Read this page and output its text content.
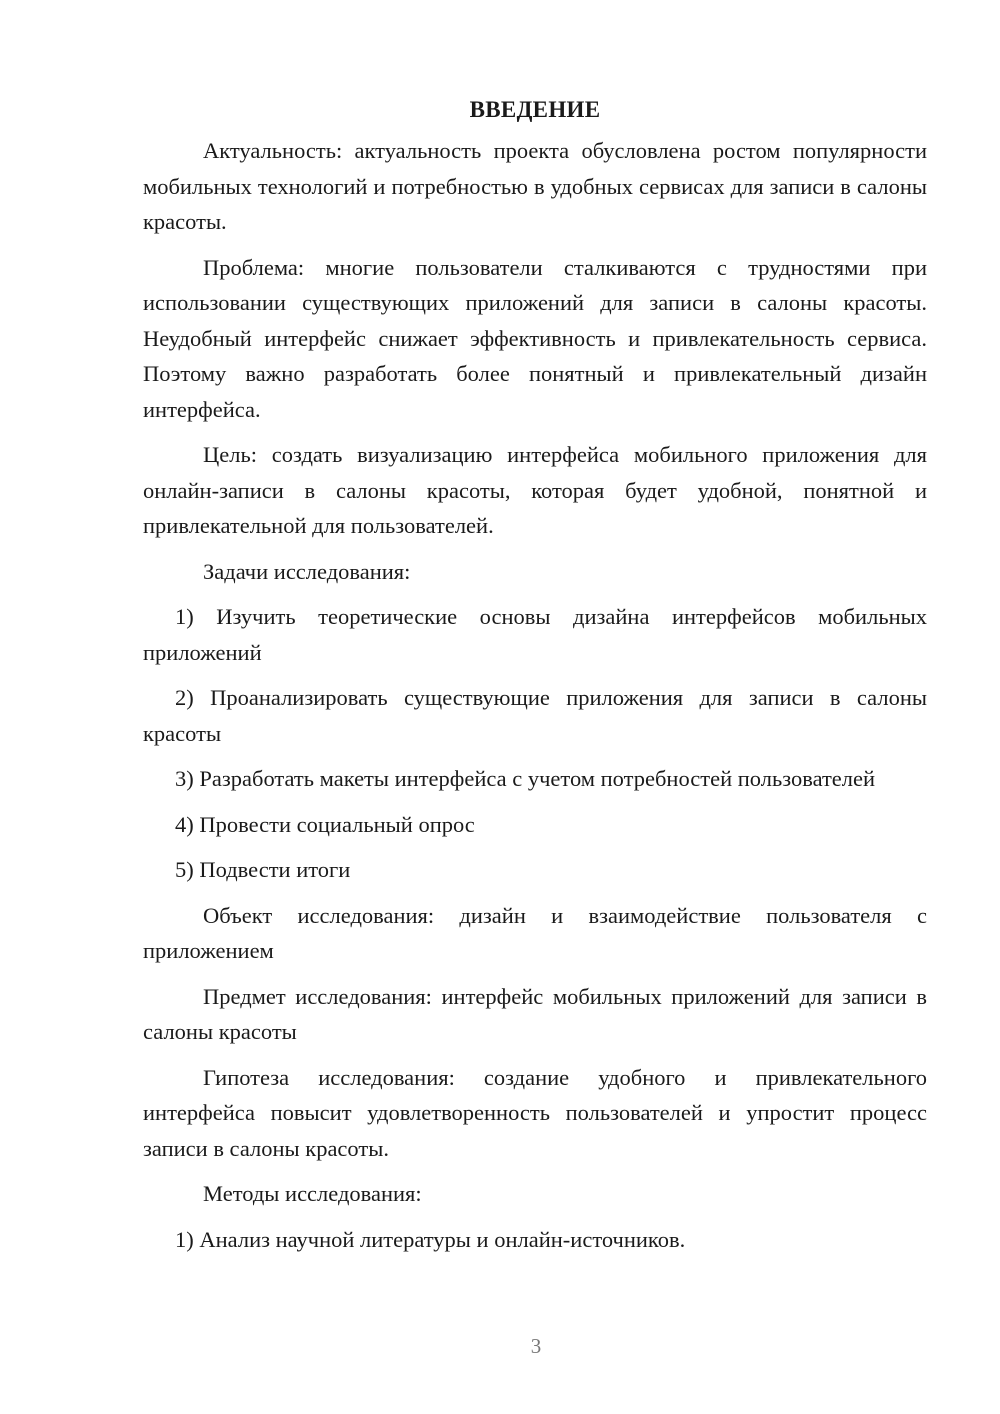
ВВЕДЕНИЕ

Актуальность: актуальность проекта обусловлена ростом популярности мобильных технологий и потребностью в удобных сервисах для записи в салоны красоты.

Проблема: многие пользователи сталкиваются с трудностями при использовании существующих приложений для записи в салоны красоты. Неудобный интерфейс снижает эффективность и привлекательность сервиса. Поэтому важно разработать более понятный и привлекательный дизайн интерфейса.

Цель: создать визуализацию интерфейса мобильного приложения для онлайн-записи в салоны красоты, которая будет удобной, понятной и привлекательной для пользователей.

Задачи исследования:

1) Изучить теоретические основы дизайна интерфейсов мобильных приложений

2) Проанализировать существующие приложения для записи в салоны красоты

3) Разработать макеты интерфейса с учетом потребностей пользователей

4) Провести социальный опрос

5) Подвести итоги

Объект исследования: дизайн и взаимодействие пользователя с приложением

Предмет исследования: интерфейс мобильных приложений для записи в салоны красоты

Гипотеза исследования: создание удобного и привлекательного интерфейса повысит удовлетворенность пользователей и упростит процесс записи в салоны красоты.

Методы исследования:

1) Анализ научной литературы и онлайн-источников.

3
